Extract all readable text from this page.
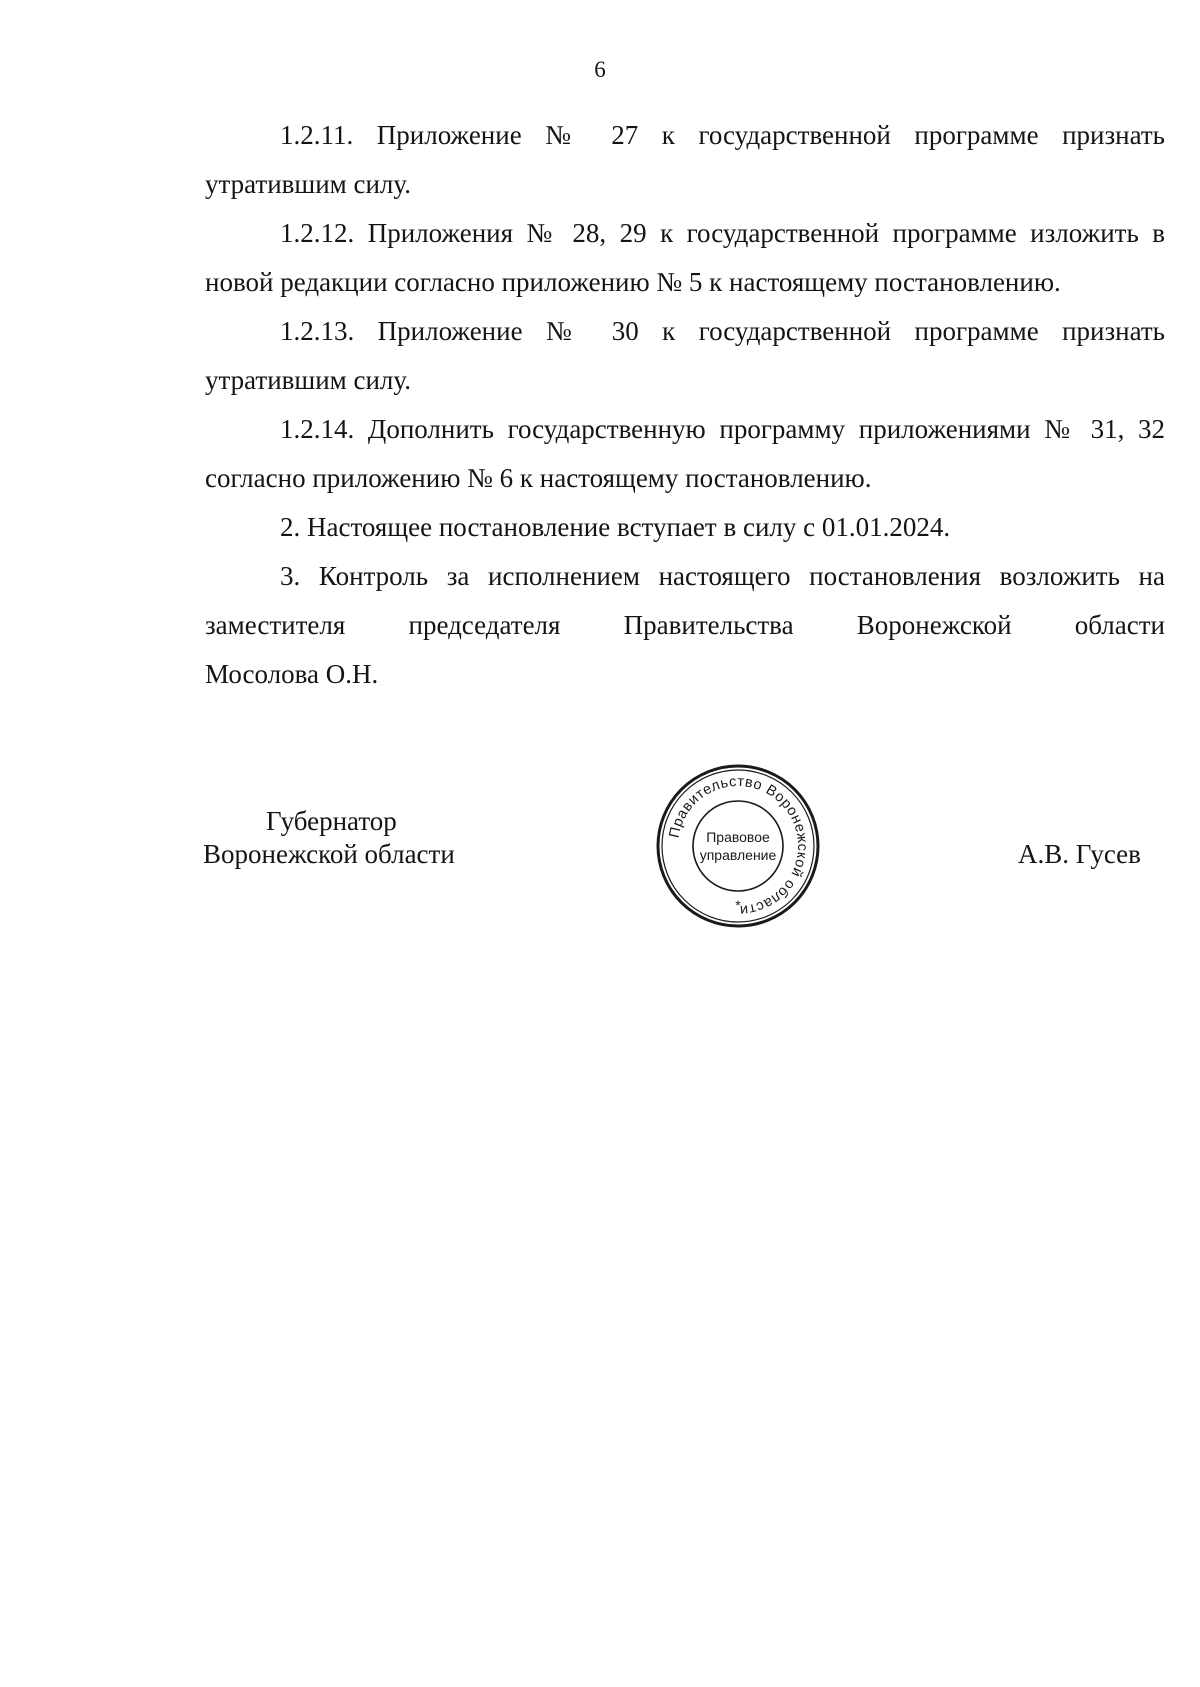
6

1.2.11. Приложение № 27 к государственной программе признать
утратившим силу.

1.2.12. Приложения № 28, 29 к государственной программе изложить в
новой редакции согласно приложению № 5 к настоящему постановлению.

1.2.13. Приложение № 30 к государственной программе признать
утратившим силу.

1.2.14. Дополнить государственную программу приложениями № 31, 32
согласно приложению № 6 к настоящему постановлению.

2. Настоящее постановление вступает в силу с 01.01.2024.

3. Контроль за исполнением настоящего постановления возложить на
заместителя председателя Правительства Воронежской области
Мосолова О.Н.

Губернатор
Воронежской области
Правительство Воронежской области
Правовое
управление
*
А.В. Гусев
